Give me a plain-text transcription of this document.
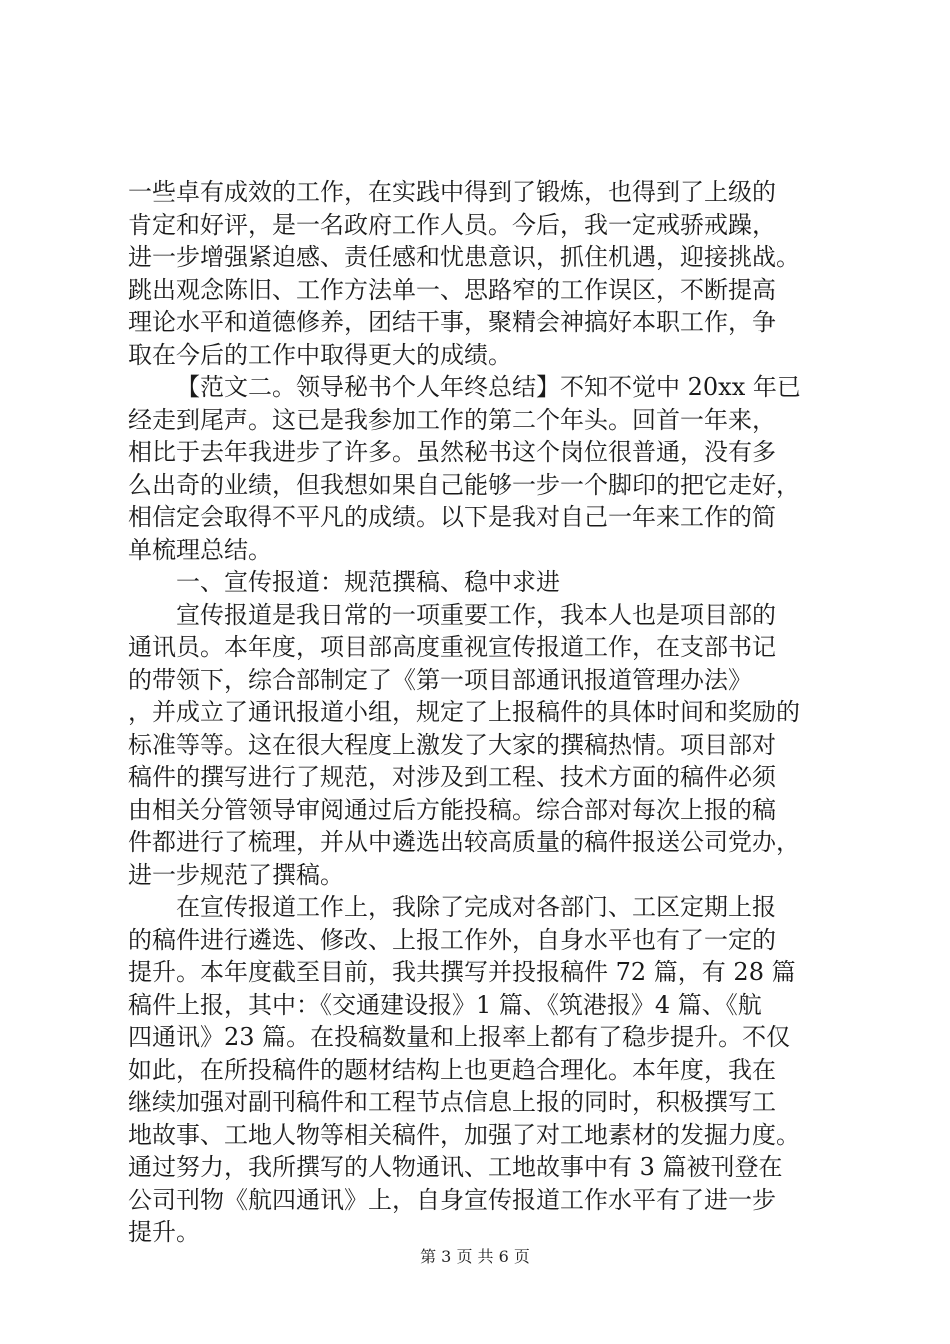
一些卓有成效的工作，在实践中得到了锻炼，也得到了上级的
肯定和好评，是一名政府工作人员。今后，我一定戒骄戒躁，
进一步增强紧迫感、责任感和忧患意识，抓住机遇，迎接挑战。
跳出观念陈旧、工作方法单一、思路窄的工作误区，不断提高
理论水平和道德修养，团结干事，聚精会神搞好本职工作，争
取在今后的工作中取得更大的成绩。
【范文二。领导秘书个人年终总结】不知不觉中 20xx 年已
经走到尾声。这已是我参加工作的第二个年头。回首一年来，
相比于去年我进步了许多。虽然秘书这个岗位很普通，没有多
么出奇的业绩，但我想如果自己能够一步一个脚印的把它走好，
相信定会取得不平凡的成绩。以下是我对自己一年来工作的简
单梳理总结。
一、宣传报道：规范撰稿、稳中求进
宣传报道是我日常的一项重要工作，我本人也是项目部的
通讯员。本年度，项目部高度重视宣传报道工作，在支部书记
的带领下，综合部制定了《第一项目部通讯报道管理办法》
，并成立了通讯报道小组，规定了上报稿件的具体时间和奖励的
标准等等。这在很大程度上激发了大家的撰稿热情。项目部对
稿件的撰写进行了规范，对涉及到工程、技术方面的稿件必须
由相关分管领导审阅通过后方能投稿。综合部对每次上报的稿
件都进行了梳理，并从中遴选出较高质量的稿件报送公司党办，
进一步规范了撰稿。
在宣传报道工作上，我除了完成对各部门、工区定期上报
的稿件进行遴选、修改、上报工作外，自身水平也有了一定的
提升。本年度截至目前，我共撰写并投报稿件 72 篇，有 28 篇
稿件上报，其中：《交通建设报》1 篇、《筑港报》4 篇、《航
四通讯》23 篇。在投稿数量和上报率上都有了稳步提升。不仅
如此，在所投稿件的题材结构上也更趋合理化。本年度，我在
继续加强对副刊稿件和工程节点信息上报的同时，积极撰写工
地故事、工地人物等相关稿件，加强了对工地素材的发掘力度。
通过努力，我所撰写的人物通讯、工地故事中有 3 篇被刊登在
公司刊物《航四通讯》上，自身宣传报道工作水平有了进一步
提升。
第 3 页 共 6 页
